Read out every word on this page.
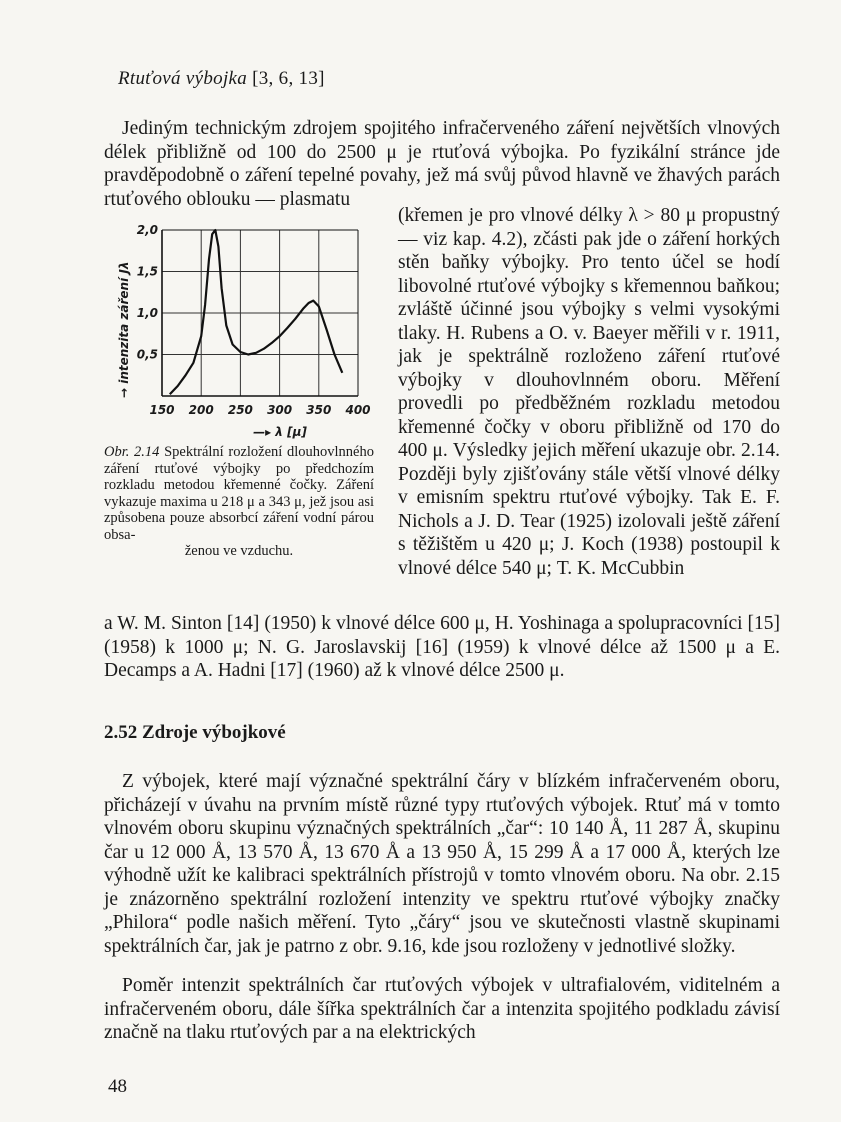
Rtuťová výbojka [3, 6, 13]

Jediným technickým zdrojem spojitého infračerveného záření největších vlnových délek přibližně od 100 do 2500 μ je rtuťová výbojka. Po fyzikální stránce jde pravděpodobně o záření tepelné povahy, jež má svůj původ hlavně ve žhavých parách rtuťového oblouku — plasmatu

150 200 250 300 350 400
0,5
1,0
1,5
2,0
→ intenzita záření Jλ
—▸ λ [μ]
Obr. 2.14 Spektrální rozložení dlouhovlnného záření rtuťové výbojky po předchozím rozkladu metodou křemenné čočky. Záření vykazuje maxima u 218 μ a 343 μ, jež jsou asi způsobena pouze absorbcí záření vodní párou obsa-
ženou ve vzduchu.

(křemen je pro vlnové délky λ > 80 μ propustný — viz kap. 4.2), zčásti pak jde o záření horkých stěn baňky výbojky. Pro tento účel se hodí libovolné rtuťové výbojky s křemennou baňkou; zvláště účinné jsou výbojky s velmi vysokými tlaky. H. Rubens a O. v. Baeyer měřili v r. 1911, jak je spektrálně rozloženo záření rtuťové výbojky v dlouhovlnném oboru. Měření provedli po předběžném rozkladu metodou křemenné čočky v oboru přibližně od 170 do 400 μ. Výsledky jejich měření ukazuje obr. 2.14. Později byly zjišťovány stále větší vlnové délky v emisním spektru rtuťové výbojky. Tak E. F. Nichols a J. D. Tear (1925) izolovali ještě záření s těžištěm u 420 μ; J. Koch (1938) postoupil k vlnové délce 540 μ; T. K. McCubbin

a W. M. Sinton [14] (1950) k vlnové délce 600 μ, H. Yoshinaga a spolupracovníci [15] (1958) k 1000 μ; N. G. Jaroslavskij [16] (1959) k vlnové délce až 1500 μ a E. Decamps a A. Hadni [17] (1960) až k vlnové délce 2500 μ.

2.52 Zdroje výbojkové

Z výbojek, které mají význačné spektrální čáry v blízkém infračerveném oboru, přicházejí v úvahu na prvním místě různé typy rtuťových výbojek. Rtuť má v tomto vlnovém oboru skupinu význačných spektrálních „čar“: 10 140 Å, 11 287 Å, skupinu čar u 12 000 Å, 13 570 Å, 13 670 Å a 13 950 Å, 15 299 Å a 17 000 Å, kterých lze výhodně užít ke kalibraci spektrálních přístrojů v tomto vlnovém oboru. Na obr. 2.15 je znázorněno spektrální rozložení intenzity ve spektru rtuťové výbojky značky „Philora“ podle našich měření. Tyto „čáry“ jsou ve skutečnosti vlastně skupinami spektrálních čar, jak je patrno z obr. 9.16, kde jsou rozloženy v jednotlivé složky.

Poměr intenzit spektrálních čar rtuťových výbojek v ultrafialovém, viditelném a infračerveném oboru, dále šířka spektrálních čar a intenzita spojitého podkladu závisí značně na tlaku rtuťových par a na elektrických

48
